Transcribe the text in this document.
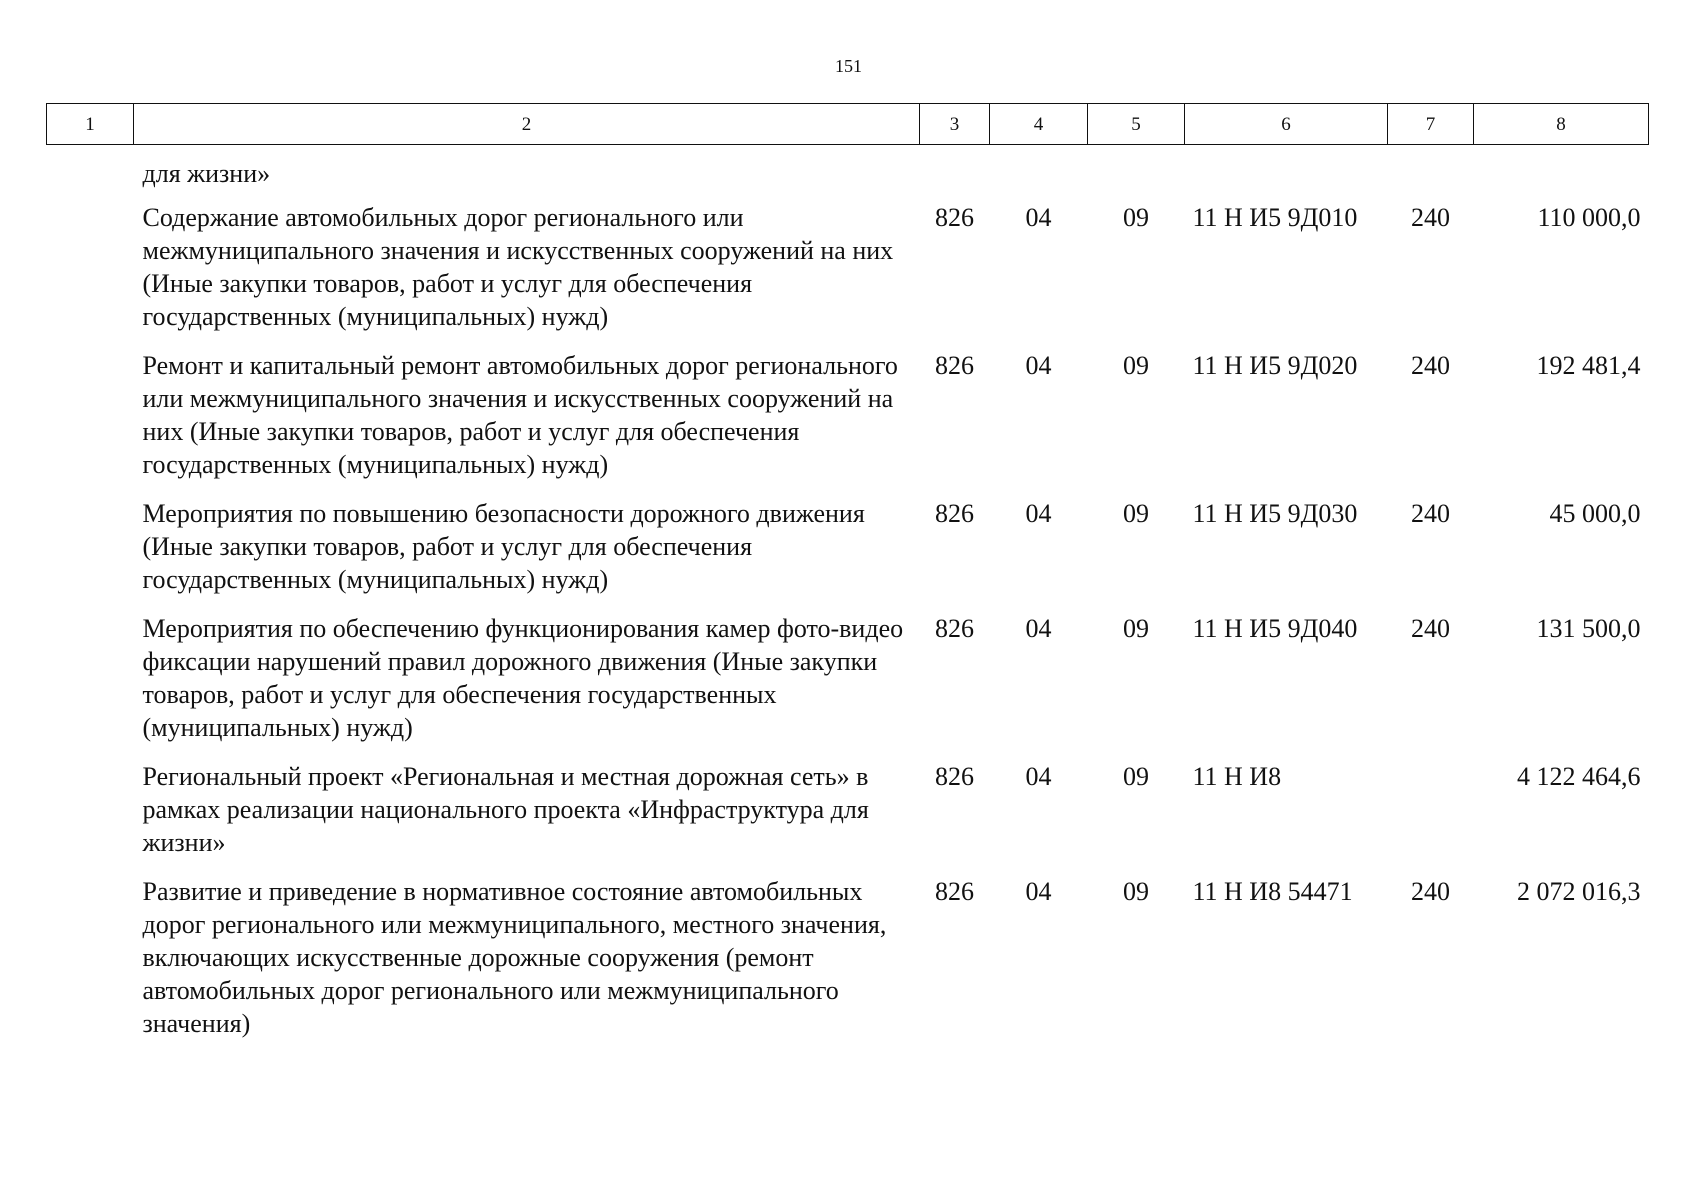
151
1	2	3	4	5	6	7	8
	для жизни»						
	Содержание автомобильных дорог регионального или межмуниципального значения и искусственных сооружений на них (Иные закупки товаров, работ и услуг для обеспечения государственных (муниципальных) нужд)	826	04	09	11 Н И5 9Д010	240	110 000,0
	Ремонт и капитальный ремонт автомобильных дорог регионального или межмуниципального значения и искусственных сооружений на них (Иные закупки товаров, работ и услуг для обеспечения государственных (муниципальных) нужд)	826	04	09	11 Н И5 9Д020	240	192 481,4
	Мероприятия по повышению безопасности дорожного движения (Иные закупки товаров, работ и услуг для обеспечения государственных (муниципальных) нужд)	826	04	09	11 Н И5 9Д030	240	45 000,0
	Мероприятия по обеспечению функционирования камер фото-видео фиксации нарушений правил дорожного движения (Иные закупки товаров, работ и услуг для обеспечения государственных (муниципальных) нужд)	826	04	09	11 Н И5 9Д040	240	131 500,0
	Региональный проект «Региональная и местная дорожная сеть» в рамках реализации национального проекта «Инфраструктура для жизни»	826	04	09	11 Н И8		4 122 464,6
	Развитие и приведение в нормативное состояние автомобильных дорог регионального или межмуниципального, местного значения, включающих искусственные дорожные сооружения (ремонт автомобильных дорог регионального или межмуниципального значения)	826	04	09	11 Н И8 54471	240	2 072 016,3
